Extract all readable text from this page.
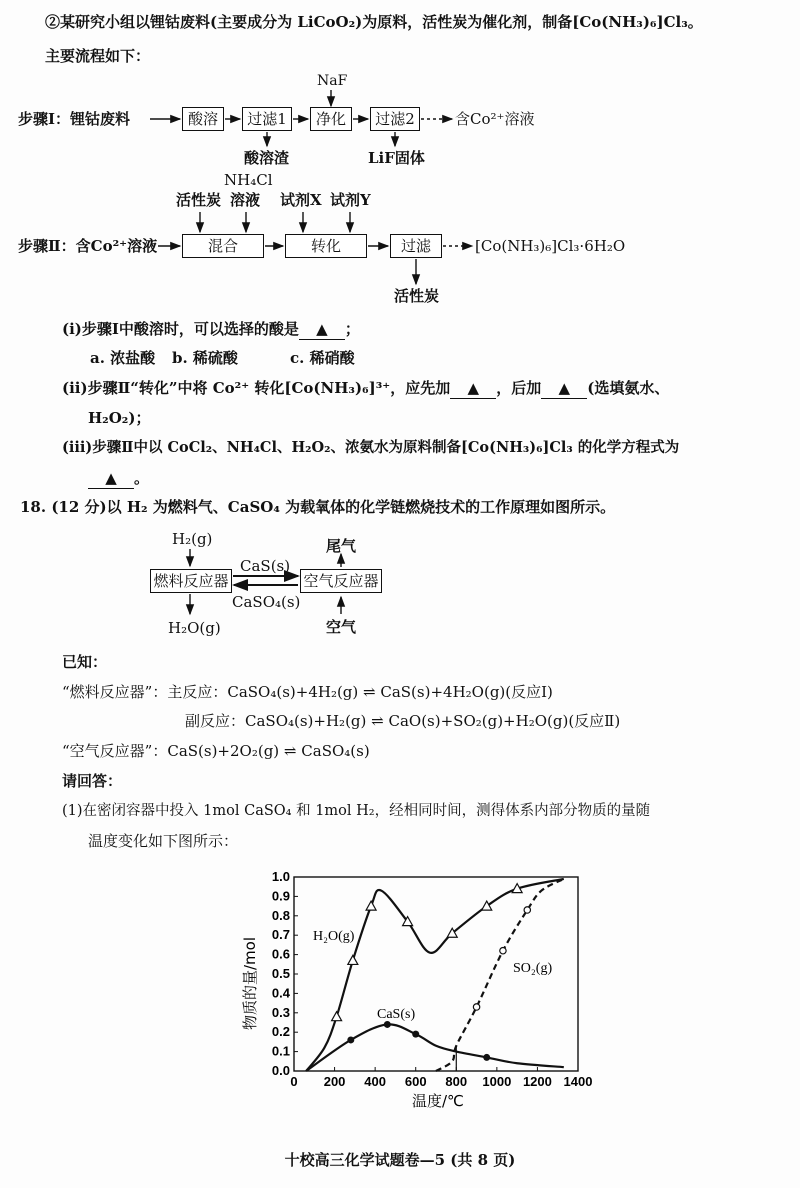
②某研究小组以锂钴废料(主要成分为 LiCoO₂)为原料，活性炭为催化剂，制备[Co(NH₃)₆]Cl₃。
主要流程如下：
步骤Ⅰ：锂钴废料	酸溶	过滤1	净化	过滤2	含Co²⁺溶液
NaF
酸溶渣	LiF固体
步骤Ⅱ：含Co²⁺溶液	混合	转化	过滤	[Co(NH₃)₆]Cl₃·6H₂O
活性炭
NH₄Cl
溶液 试剂X 试剂Y
活性炭
(i)步骤Ⅰ中酸溶时，可以选择的酸是 ▲ ；
a. 浓盐酸 b. 稀硫酸	c. 稀硝酸
(ii)步骤Ⅱ“转化”中将 Co²⁺ 转化[Co(NH₃)₆]³⁺，应先加 ▲ ，后加 ▲ (选填氨水、
H₂O₂)；
(iii)步骤Ⅱ中以 CoCl₂、NH₄Cl、H₂O₂、浓氨水为原料制备[Co(NH₃)₆]Cl₃ 的化学方程式为
▲ 。
18. (12 分)以 H₂ 为燃料气、CaSO₄ 为载氧体的化学链燃烧技术的工作原理如图所示。
H₂(g)
燃料反应器	空气反应器
H₂O(g)
CaS(s)
CaSO₄(s)
尾气
空气
已知：
“燃料反应器”：主反应：CaSO₄(s)+4H₂(g) ⇌ CaS(s)+4H₂O(g)(反应Ⅰ)
副反应：CaSO₄(s)+H₂(g) ⇌ CaO(s)+SO₂(g)+H₂O(g)(反应Ⅱ)
“空气反应器”：CaS(s)+2O₂(g) ⇌ CaSO₄(s)
请回答：
(1)在密闭容器中投入 1mol CaSO₄ 和 1mol H₂，经相同时间，测得体系内部分物质的量随
温度变化如下图所示：
0.0
0.1
0.2
0.3
0.4
0.5
0.6
0.7
0.8
0.9
1.0
0 200 400 600 800 1000 1200 1400
温度/℃
物质的量/mol
H₂O(g)
CaS(s)
SO₂(g)
十校高三化学试题卷—5 (共 8 页)
